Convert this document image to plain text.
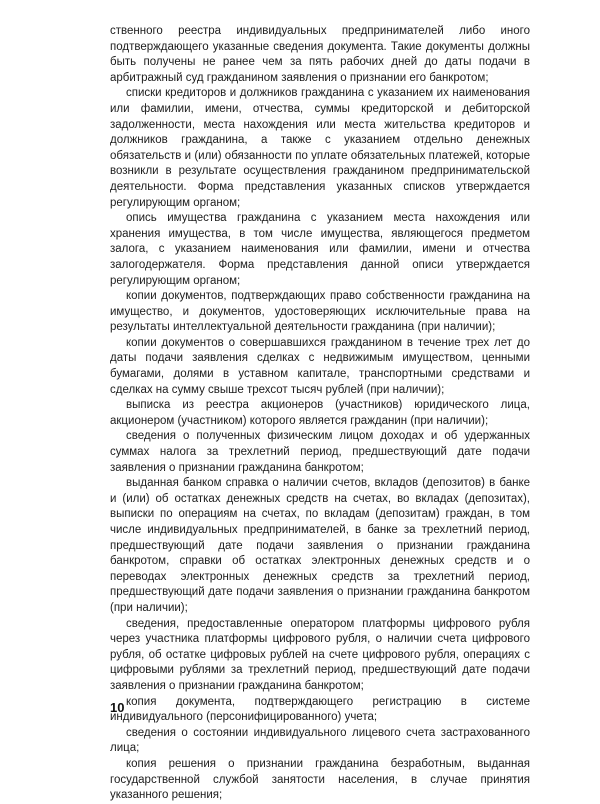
ственного реестра индивидуальных предпринимателей либо иного подтверждающего указанные сведения документа. Такие документы должны быть получены не ранее чем за пять рабочих дней до даты подачи в арбитражный суд гражданином заявления о признании его банкротом;

списки кредиторов и должников гражданина с указанием их наименования или фамилии, имени, отчества, суммы кредиторской и дебиторской задолженности, места нахождения или места жительства кредиторов и должников гражданина, а также с указанием отдельно денежных обязательств и (или) обязанности по уплате обязательных платежей, которые возникли в результате осуществления гражданином предпринимательской деятельности. Форма представления указанных списков утверждается регулирующим органом;

опись имущества гражданина с указанием места нахождения или хранения имущества, в том числе имущества, являющегося предметом залога, с указанием наименования или фамилии, имени и отчества залогодержателя. Форма представления данной описи утверждается регулирующим органом;

копии документов, подтверждающих право собственности гражданина на имущество, и документов, удостоверяющих исключительные права на результаты интеллектуальной деятельности гражданина (при наличии);

копии документов о совершавшихся гражданином в течение трех лет до даты подачи заявления сделках с недвижимым имуществом, ценными бумагами, долями в уставном капитале, транспортными средствами и сделках на сумму свыше трехсот тысяч рублей (при наличии);

выписка из реестра акционеров (участников) юридического лица, акционером (участником) которого является гражданин (при наличии);

сведения о полученных физическим лицом доходах и об удержанных суммах налога за трехлетний период, предшествующий дате подачи заявления о признании гражданина банкротом;

выданная банком справка о наличии счетов, вкладов (депозитов) в банке и (или) об остатках денежных средств на счетах, во вкладах (депозитах), выписки по операциям на счетах, по вкладам (депозитам) граждан, в том числе индивидуальных предпринимателей, в банке за трехлетний период, предшествующий дате подачи заявления о признании гражданина банкротом, справки об остатках электронных денежных средств и о переводах электронных денежных средств за трехлетний период, предшествующий дате подачи заявления о признании гражданина банкротом (при наличии);

сведения, предоставленные оператором платформы цифрового рубля через участника платформы цифрового рубля, о наличии счета цифрового рубля, об остатке цифровых рублей на счете цифрового рубля, операциях с цифровыми рублями за трехлетний период, предшествующий дате подачи заявления о признании гражданина банкротом;

копия документа, подтверждающего регистрацию в системе индивидуального (персонифицированного) учета;

сведения о состоянии индивидуального лицевого счета застрахованного лица;

копия решения о признании гражданина безработным, выданная государственной службой занятости населения, в случае принятия указанного решения;

10
